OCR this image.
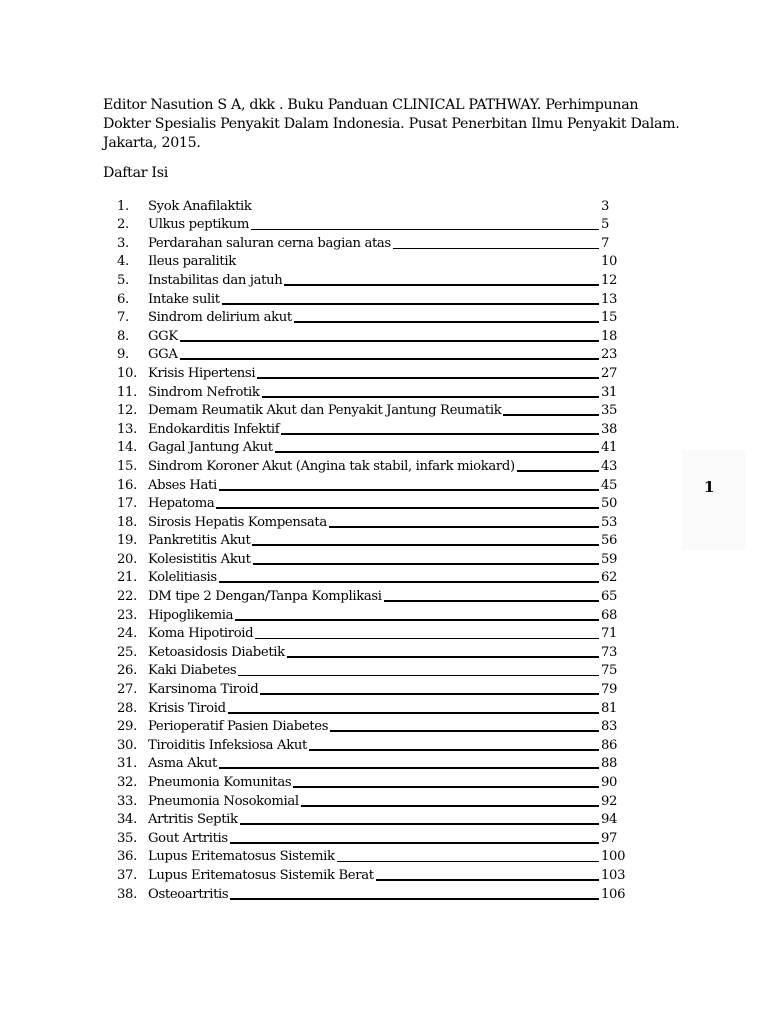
Editor Nasution S A, dkk . Buku Panduan CLINICAL PATHWAY. Perhimpunan
Dokter Spesialis Penyakit Dalam Indonesia. Pusat Penerbitan Ilmu Penyakit Dalam.
Jakarta, 2015.
Daftar Isi
1.	Syok Anafilaktik	3
2.	Ulkus peptikum	5
3.	Perdarahan saluran cerna bagian atas	7
4.	Ileus paralitik	10
5.	Instabilitas dan jatuh	12
6.	Intake sulit	13
7.	Sindrom delirium akut	15
8.	GGK	18
9.	GGA	23
10. Krisis Hipertensi	27
11. Sindrom Nefrotik	31
12. Demam Reumatik Akut dan Penyakit Jantung Reumatik	35
13. Endokarditis Infektif	38
14. Gagal Jantung Akut	41
15. Sindrom Koroner Akut (Angina tak stabil, infark miokard)	43
16. Abses Hati	45
17. Hepatoma	50
18. Sirosis Hepatis Kompensata	53
19. Pankretitis Akut	56
20. Kolesistitis Akut	59
21. Kolelitiasis	62
22. DM tipe 2 Dengan/Tanpa Komplikasi	65
23. Hipoglikemia	68
24. Koma Hipotiroid	71
25. Ketoasidosis Diabetik	73
26. Kaki Diabetes	75
27. Karsinoma Tiroid	79
28. Krisis Tiroid	81
29. Perioperatif Pasien Diabetes	83
30. Tiroiditis Infeksiosa Akut	86
31. Asma Akut	88
32. Pneumonia Komunitas	90
33. Pneumonia Nosokomial	92
34. Artritis Septik	94
35. Gout Artritis	97
36. Lupus Eritematosus Sistemik	100
37. Lupus Eritematosus Sistemik Berat	103
38. Osteoartritis	106
1
